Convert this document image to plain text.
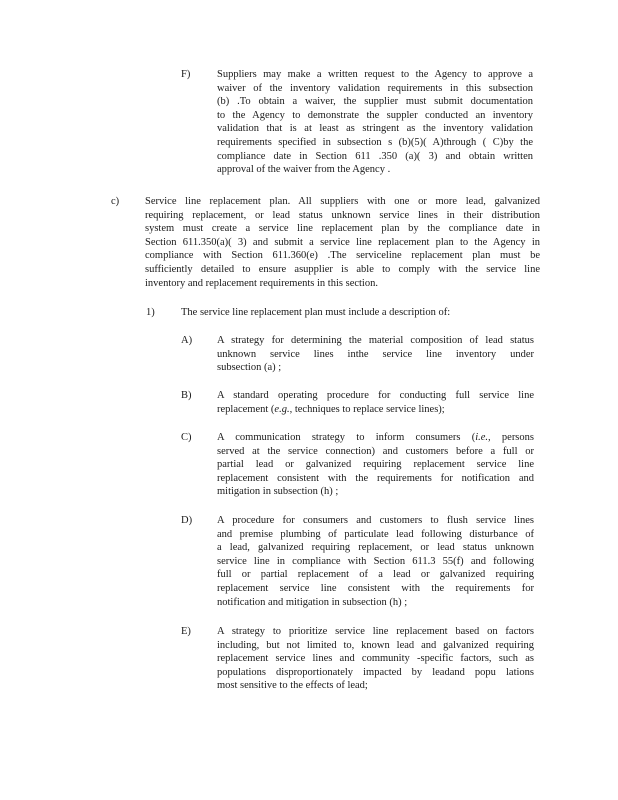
F)	Suppliers may make a written request to the Agency to approve a

waiver of the inventory validation requirements in this subsection

(b) .To obtain a waiver, the supplier must submit documentation

to the Agency to demonstrate the suppler conducted an inventory

validation that is at least as stringent as the inventory validation

requirements specified in subsection s (b)(5)( A)through ( C)by the

compliance date in Section 611 .350 (a)( 3) and obtain written

approval of the waiver from the Agency .

c) Service line replacement plan. All suppliers with one or more lead, galvanized

requiring replacement, or lead status unknown service lines in their distribution

system must create a service line replacement plan by the compliance date in

Section 611.350(a)( 3) and submit a service line replacement plan to the Agency in

compliance with Section 611.360(e) .The serviceline replacement plan must be

sufficiently detailed to ensure asupplier is able to comply with the service line

inventory and replacement requirements in this section.

1)	The service line replacement plan must include a description of:

A) A strategy for determining the material composition of lead status

unknown service lines inthe service line inventory under

subsection (a) ;

B) A standard operating procedure for conducting full service line

replacement (e.g., techniques to replace service lines);

C) A communication strategy to inform consumers (i.e., persons

served at the service connection) and customers before a full or

partial lead or galvanized requiring replacement service line

replacement consistent with the requirements for notification and

mitigation in subsection (h) ;

D) A procedure for consumers and customers to flush service lines

and premise plumbing of particulate lead following disturbance of

a lead, galvanized requiring replacement, or lead status unknown

service line in compliance with Section 611.3 55(f) and following

full or partial replacement of a lead or galvanized requiring

replacement service line consistent with the requirements for

notification and mitigation in subsection (h) ;

E) A strategy to prioritize service line replacement based on factors

including, but not limited to, known lead and galvanized requiring

replacement service lines and community -specific factors, such as

populations disproportionately impacted by leadand popu lations

most sensitive to the effects of lead;
